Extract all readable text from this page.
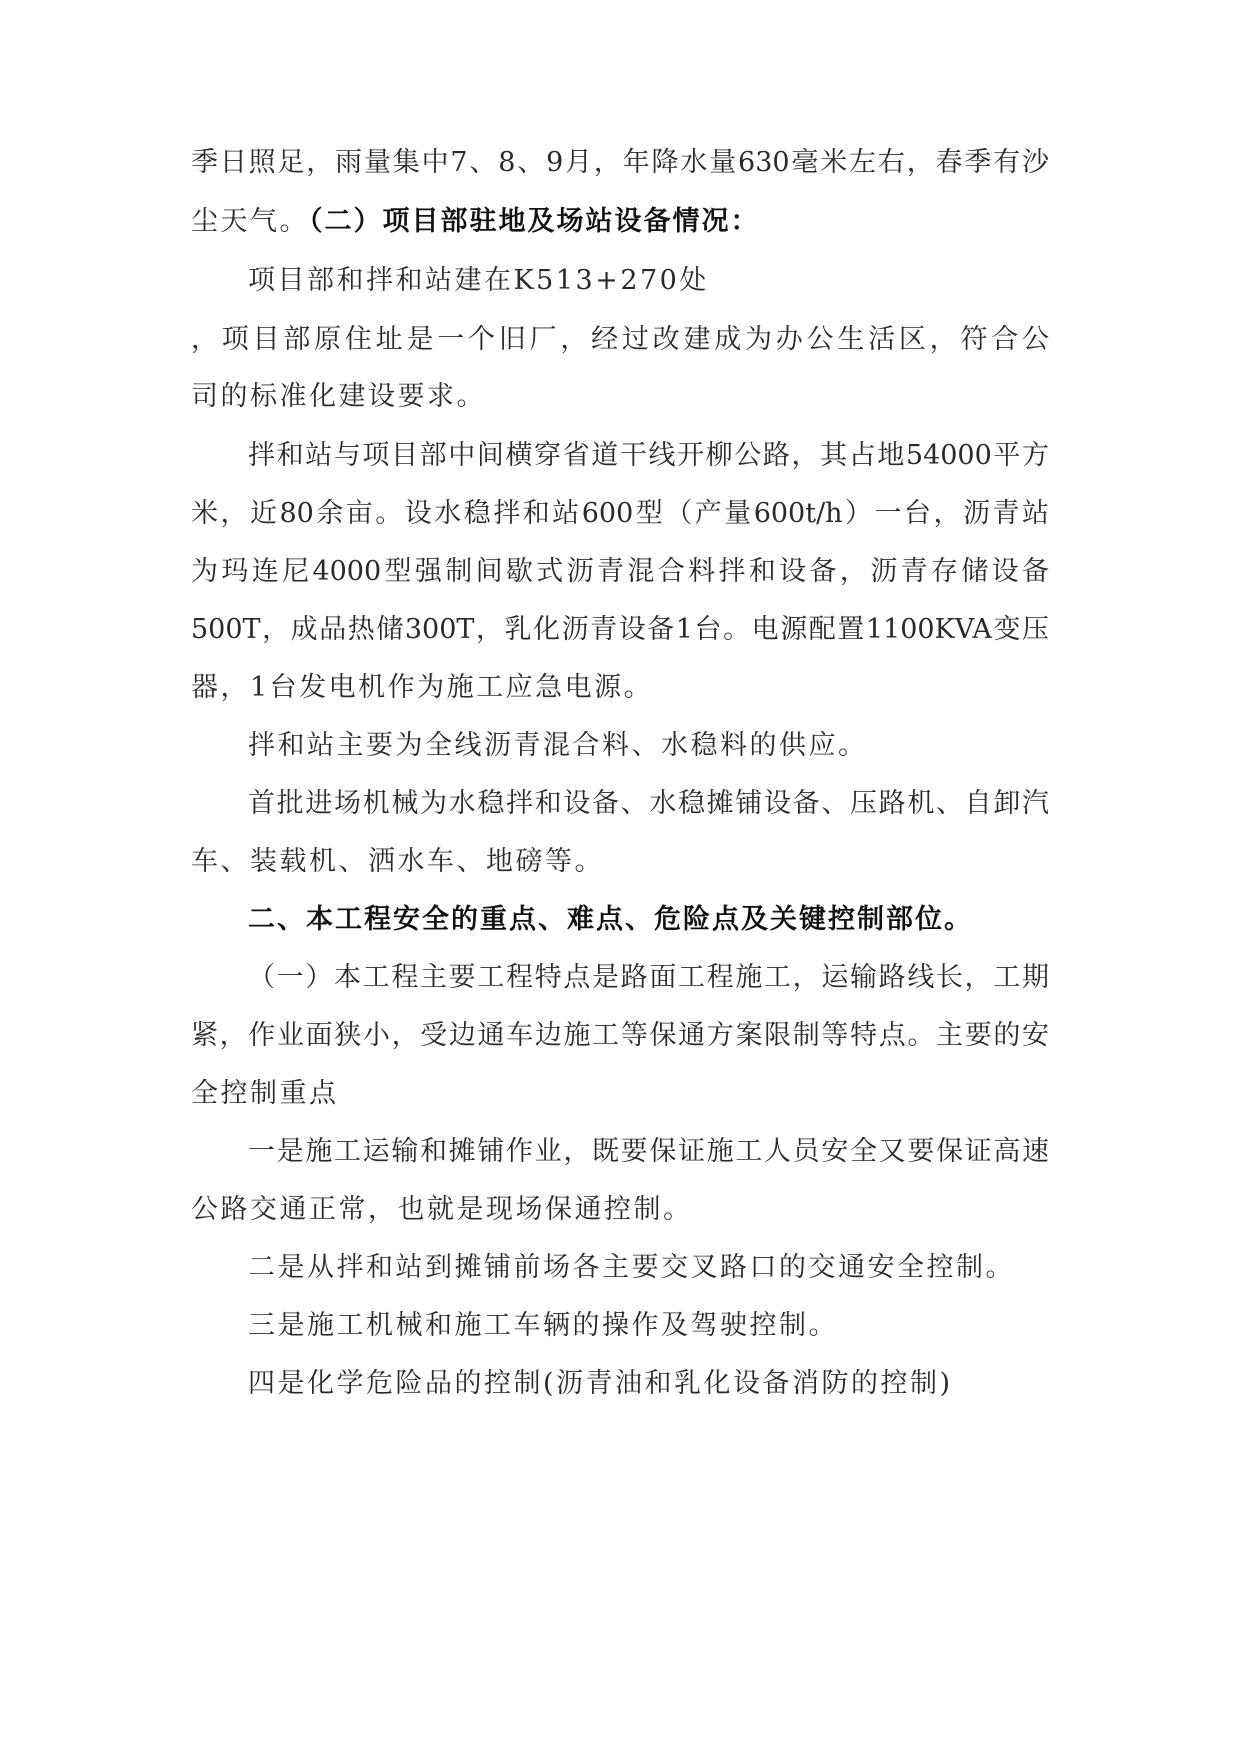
季日照足，雨量集中7、8、9月，年降水量630毫米左右，春季有沙
尘天气。（二）项目部驻地及场站设备情况：
项目部和拌和站建在K513+270处
，项目部原住址是一个旧厂，经过改建成为办公生活区，符合公
司的标准化建设要求。
拌和站与项目部中间横穿省道干线开柳公路，其占地54000平方
米，近80余亩。设水稳拌和站600型（产量600t/h）一台，沥青站
为玛连尼4000型强制间歇式沥青混合料拌和设备，沥青存储设备
500T，成品热储300T，乳化沥青设备1台。电源配置1100KVA变压
器，1台发电机作为施工应急电源。
拌和站主要为全线沥青混合料、水稳料的供应。
首批进场机械为水稳拌和设备、水稳摊铺设备、压路机、自卸汽
车、装载机、洒水车、地磅等。
二、本工程安全的重点、难点、危险点及关键控制部位。
（一）本工程主要工程特点是路面工程施工，运输路线长，工期
紧，作业面狭小，受边通车边施工等保通方案限制等特点。主要的安
全控制重点
一是施工运输和摊铺作业，既要保证施工人员安全又要保证高速
公路交通正常，也就是现场保通控制。
二是从拌和站到摊铺前场各主要交叉路口的交通安全控制。
三是施工机械和施工车辆的操作及驾驶控制。
四是化学危险品的控制(沥青油和乳化设备消防的控制)
